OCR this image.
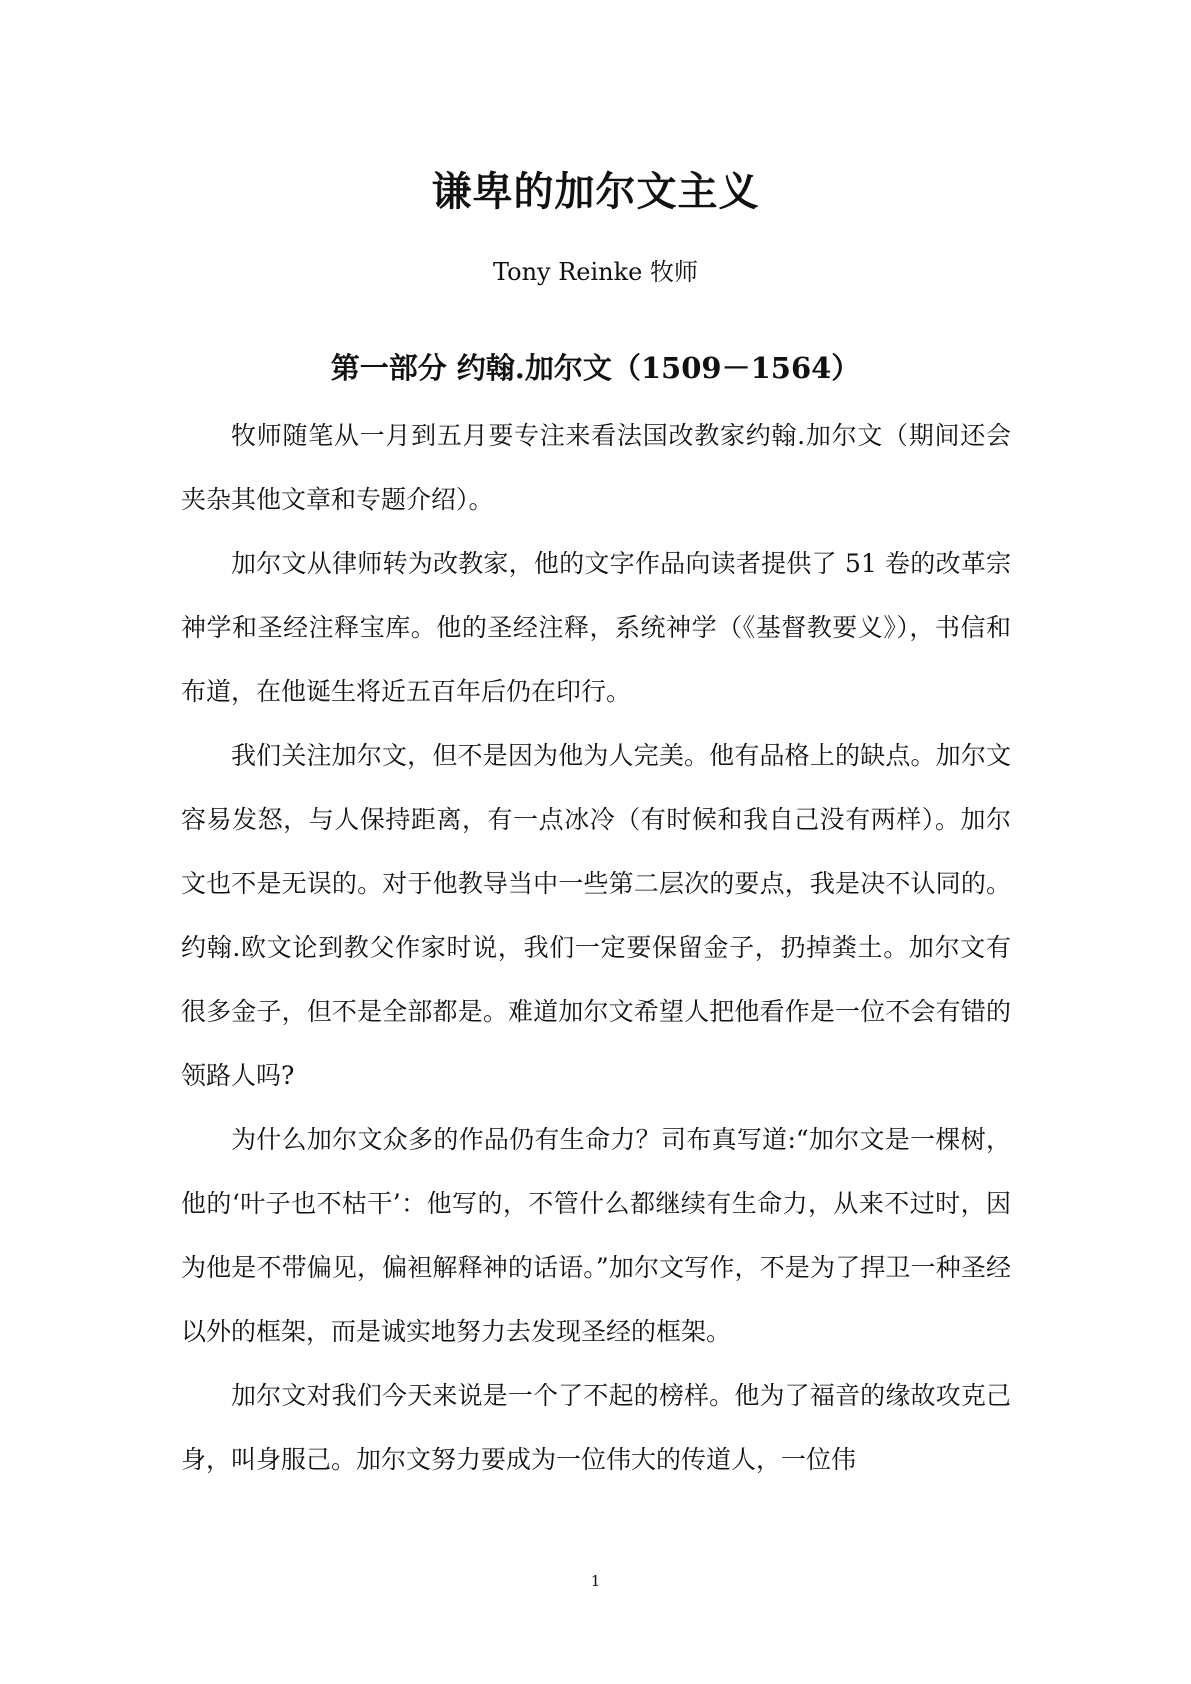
谦卑的加尔文主义
Tony Reinke 牧师
第一部分 约翰.加尔文（1509－1564）

牧师随笔从一月到五月要专注来看法国改教家约翰.加尔文（期间还会夹杂其他文章和专题介绍）。

加尔文从律师转为改教家，他的文字作品向读者提供了 51 卷的改革宗神学和圣经注释宝库。他的圣经注释，系统神学（《基督教要义》），书信和布道，在他诞生将近五百年后仍在印行。

我们关注加尔文，但不是因为他为人完美。他有品格上的缺点。加尔文容易发怒，与人保持距离，有一点冰冷（有时候和我自己没有两样）。加尔文也不是无误的。对于他教导当中一些第二层次的要点，我是决不认同的。约翰.欧文论到教父作家时说，我们一定要保留金子，扔掉粪土。加尔文有很多金子，但不是全部都是。难道加尔文希望人把他看作是一位不会有错的领路人吗?

为什么加尔文众多的作品仍有生命力？司布真写道:“加尔文是一棵树，他的‘叶子也不枯干’：他写的，不管什么都继续有生命力，从来不过时，因为他是不带偏见，偏袒解释神的话语。”加尔文写作，不是为了捍卫一种圣经以外的框架，而是诚实地努力去发现圣经的框架。

加尔文对我们今天来说是一个了不起的榜样。他为了福音的缘故攻克己身，叫身服己。加尔文努力要成为一位伟大的传道人，一位伟

1
